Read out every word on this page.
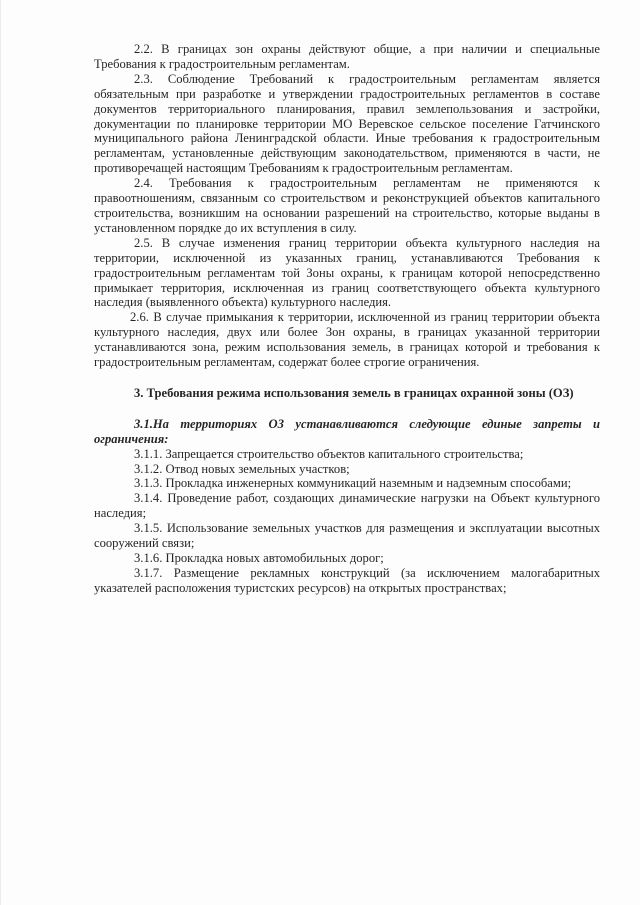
2.2. В границах зон охраны действуют общие, а при наличии и специальные Требования к градостроительным регламентам.

2.3. Соблюдение Требований к градостроительным регламентам является обязательным при разработке и утверждении градостроительных регламентов в составе документов территориального планирования, правил землепользования и застройки, документации по планировке территории МО Веревское сельское поселение Гатчинского муниципального района Ленинградской области. Иные требования к градостроительным регламентам, установленные действующим законодательством, применяются в части, не противоречащей настоящим Требованиям к градостроительным регламентам.

2.4. Требования к градостроительным регламентам не применяются к правоотношениям, связанным со строительством и реконструкцией объектов капитального строительства, возникшим на основании разрешений на строительство, которые выданы в установленном порядке до их вступления в силу.

2.5. В случае изменения границ территории объекта культурного наследия на территории, исключенной из указанных границ, устанавливаются Требования к градостроительным регламентам той Зоны охраны, к границам которой непосредственно примыкает территория, исключенная из границ соответствующего объекта культурного наследия (выявленного объекта) культурного наследия.

2.6. В случае примыкания к территории, исключенной из границ территории объекта культурного наследия, двух или более Зон охраны, в границах указанной территории устанавливаются зона, режим использования земель, в границах которой и требования к градостроительным регламентам, содержат более строгие ограничения.

3. Требования режима использования земель в границах охранной зоны (ОЗ)

3.1.На территориях ОЗ устанавливаются следующие единые запреты и ограничения:

3.1.1. Запрещается строительство объектов капитального строительства;

3.1.2. Отвод новых земельных участков;

3.1.3. Прокладка инженерных коммуникаций наземным и надземным способами;

3.1.4. Проведение работ, создающих динамические нагрузки на Объект культурного наследия;

3.1.5. Использование земельных участков для размещения и эксплуатации высотных сооружений связи;

3.1.6. Прокладка новых автомобильных дорог;

3.1.7. Размещение рекламных конструкций (за исключением малогабаритных указателей расположения туристских ресурсов) на открытых пространствах;
